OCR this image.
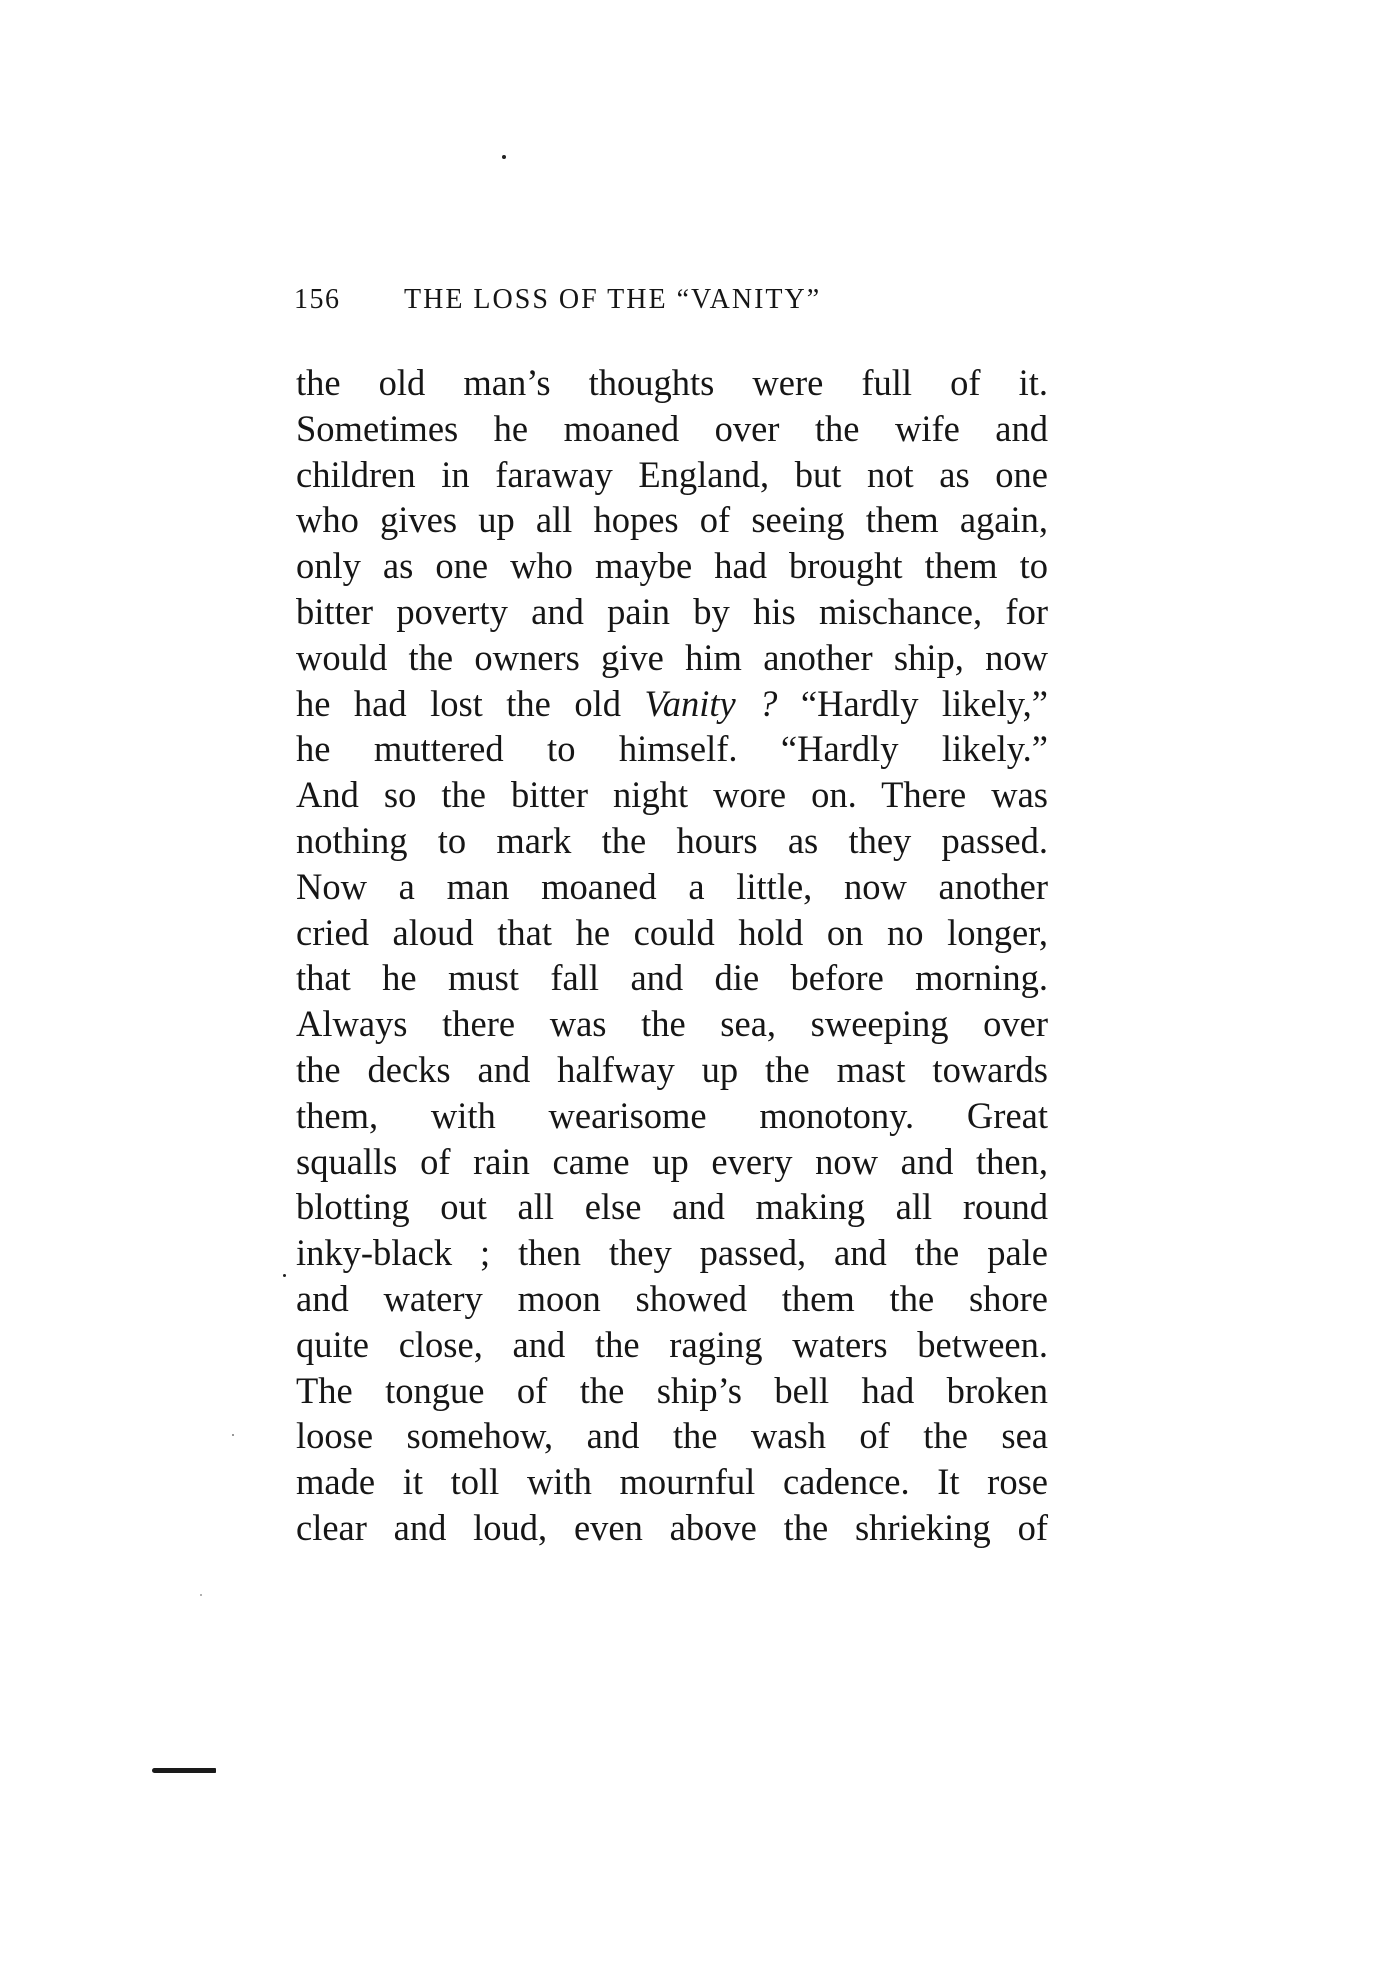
156 THE LOSS OF THE “VANITY”
the old man’s thoughts were full of it.
Sometimes he moaned over the wife and
children in faraway England, but not as one
who gives up all hopes of seeing them again,
only as one who maybe had brought them to
bitter poverty and pain by his mischance, for
would the owners give him another ship, now
he had lost the old Vanity ? “Hardly likely,”
he muttered to himself. “Hardly likely.”
And so the bitter night wore on. There was
nothing to mark the hours as they passed.
Now a man moaned a little, now another
cried aloud that he could hold on no longer,
that he must fall and die before morning.
Always there was the sea, sweeping over
the decks and halfway up the mast towards
them, with wearisome monotony. Great
squalls of rain came up every now and then,
blotting out all else and making all round
inky-black ; then they passed, and the pale
and watery moon showed them the shore
quite close, and the raging waters between.
The tongue of the ship’s bell had broken
loose somehow, and the wash of the sea
made it toll with mournful cadence. It rose
clear and loud, even above the shrieking of
